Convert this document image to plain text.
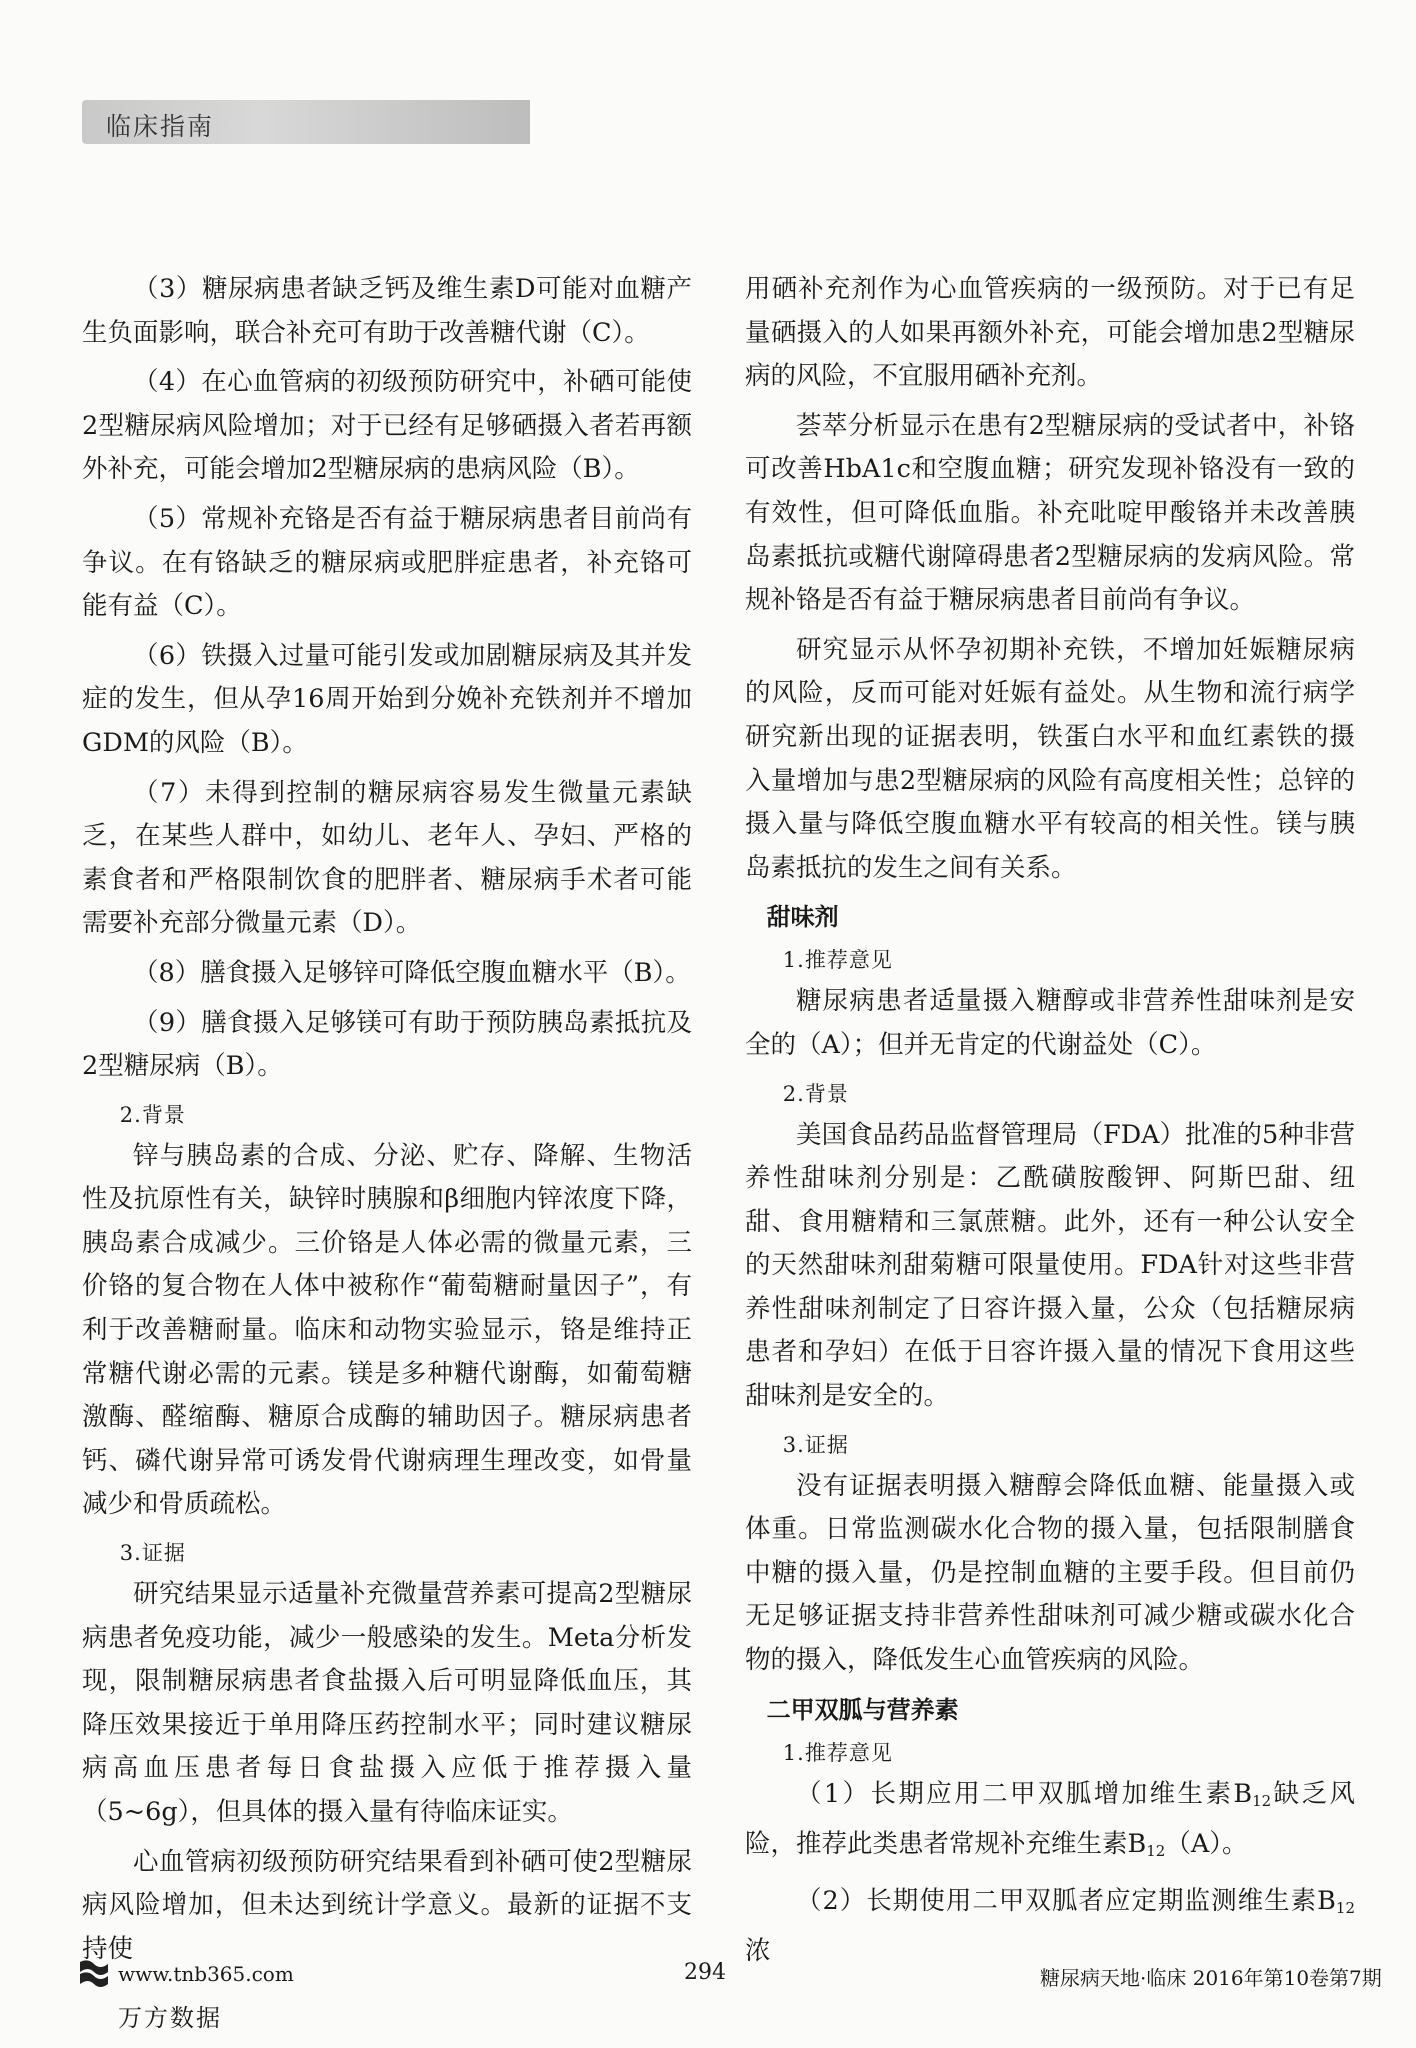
临床指南

（3）糖尿病患者缺乏钙及维生素D可能对血糖产生负面影响，联合补充可有助于改善糖代谢（C）。

（4）在心血管病的初级预防研究中，补硒可能使2型糖尿病风险增加；对于已经有足够硒摄入者若再额外补充，可能会增加2型糖尿病的患病风险（B）。

（5）常规补充铬是否有益于糖尿病患者目前尚有争议。在有铬缺乏的糖尿病或肥胖症患者，补充铬可能有益（C）。

（6）铁摄入过量可能引发或加剧糖尿病及其并发症的发生，但从孕16周开始到分娩补充铁剂并不增加GDM的风险（B）。

（7）未得到控制的糖尿病容易发生微量元素缺乏，在某些人群中，如幼儿、老年人、孕妇、严格的素食者和严格限制饮食的肥胖者、糖尿病手术者可能需要补充部分微量元素（D）。

（8）膳食摄入足够锌可降低空腹血糖水平（B）。

（9）膳食摄入足够镁可有助于预防胰岛素抵抗及2型糖尿病（B）。

2.背景

锌与胰岛素的合成、分泌、贮存、降解、生物活性及抗原性有关，缺锌时胰腺和β细胞内锌浓度下降，胰岛素合成减少。三价铬是人体必需的微量元素，三价铬的复合物在人体中被称作“葡萄糖耐量因子”，有利于改善糖耐量。临床和动物实验显示，铬是维持正常糖代谢必需的元素。镁是多种糖代谢酶，如葡萄糖激酶、醛缩酶、糖原合成酶的辅助因子。糖尿病患者钙、磷代谢异常可诱发骨代谢病理生理改变，如骨量减少和骨质疏松。

3.证据

研究结果显示适量补充微量营养素可提高2型糖尿病患者免疫功能，减少一般感染的发生。Meta分析发现，限制糖尿病患者食盐摄入后可明显降低血压，其降压效果接近于单用降压药控制水平；同时建议糖尿病高血压患者每日食盐摄入应低于推荐摄入量（5~6g），但具体的摄入量有待临床证实。

心血管病初级预防研究结果看到补硒可使2型糖尿病风险增加，但未达到统计学意义。最新的证据不支持使

用硒补充剂作为心血管疾病的一级预防。对于已有足量硒摄入的人如果再额外补充，可能会增加患2型糖尿病的风险，不宜服用硒补充剂。

荟萃分析显示在患有2型糖尿病的受试者中，补铬可改善HbA1c和空腹血糖；研究发现补铬没有一致的有效性，但可降低血脂。补充吡啶甲酸铬并未改善胰岛素抵抗或糖代谢障碍患者2型糖尿病的发病风险。常规补铬是否有益于糖尿病患者目前尚有争议。

研究显示从怀孕初期补充铁，不增加妊娠糖尿病的风险，反而可能对妊娠有益处。从生物和流行病学研究新出现的证据表明，铁蛋白水平和血红素铁的摄入量增加与患2型糖尿病的风险有高度相关性；总锌的摄入量与降低空腹血糖水平有较高的相关性。镁与胰岛素抵抗的发生之间有关系。

甜味剂
1.推荐意见

糖尿病患者适量摄入糖醇或非营养性甜味剂是安全的（A）；但并无肯定的代谢益处（C）。

2.背景

美国食品药品监督管理局（FDA）批准的5种非营养性甜味剂分别是：乙酰磺胺酸钾、阿斯巴甜、纽甜、食用糖精和三氯蔗糖。此外，还有一种公认安全的天然甜味剂甜菊糖可限量使用。FDA针对这些非营养性甜味剂制定了日容许摄入量，公众（包括糖尿病患者和孕妇）在低于日容许摄入量的情况下食用这些甜味剂是安全的。

3.证据

没有证据表明摄入糖醇会降低血糖、能量摄入或体重。日常监测碳水化合物的摄入量，包括限制膳食中糖的摄入量，仍是控制血糖的主要手段。但目前仍无足够证据支持非营养性甜味剂可减少糖或碳水化合物的摄入，降低发生心血管疾病的风险。

二甲双胍与营养素
1.推荐意见

（1）长期应用二甲双胍增加维生素$B_{12}$缺乏风险，推荐此类患者常规补充维生素$B_{12}(A)$。

（2）长期使用二甲双胍者应定期监测维生素$B_{12}$浓

www.tnb365.com	294	糖尿病天地·临床 2016年第10卷第7期
万方数据
